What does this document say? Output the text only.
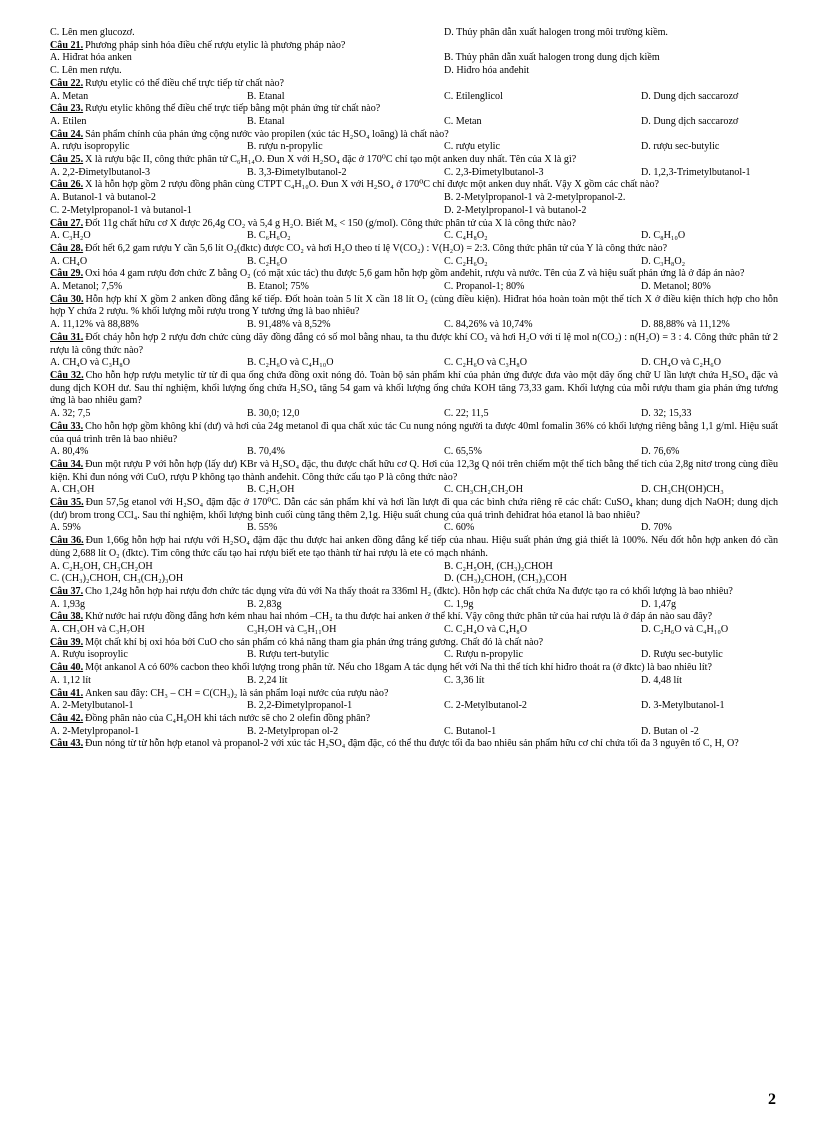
C. Lên men glucozơ.	D. Thủy phân dẫn xuất halogen trong môi trường kiềm.

Câu 21. Phương pháp sinh hóa điều chế rượu etylic là phương pháp nào?

A. Hiđrat hóa anken	B. Thủy phân dẫn xuất halogen trong dung dịch kiềm
C. Lên men rượu.	D. Hiđro hóa anđehit

Câu 22. Rượu etylic có thể điều chế trực tiếp từ chất nào?

A. Metan	B. Etanal	C. Etilenglicol	D. Dung dịch saccarozơ

Câu 23. Rượu etylic không thể điều chế trực tiếp bằng một phản ứng từ chất nào?

A. Etilen	B. Etanal	C. Metan	D. Dung dịch saccarozơ

Câu 24. Sản phẩm chính của phản ứng cộng nước vào propilen (xúc tác H₂SO₄ loãng) là chất nào?

A. rượu isopropylic	B. rượu n-propylic	C. rượu etylic	D. rượu sec-butylic

Câu 25. X là rượu bậc II, công thức phân tử C₆H₁₄O. Đun X với H₂SO₄ đặc ở 170⁰C chỉ tạo một anken duy nhất. Tên của X là gì?

A. 2,2-Đimetylbutanol-3	B. 3,3-Đimetylbutanol-2	C. 2,3-Đimetylbutanol-3	D. 1,2,3-Trimetylbutanol-1

Câu 26. X là hỗn hợp gồm 2 rượu đồng phân cùng CTPT C₄H₁₀O. Đun X với H₂SO₄ ở 170⁰C chỉ được một anken duy nhất. Vậy X gồm các chất nào?

A. Butanol-1 và butanol-2	B. 2-Metylpropanol-1 và 2-metylpropanol-2.
C. 2-Metylpropanol-1 và butanol-1	D. 2-Metylpropanol-1 và butanol-2

Câu 27. Đốt 11g chất hữu cơ X được 26,4g CO₂ và 5,4 g H₂O. Biết Mₓ < 150 (g/mol). Công thức phân tử của X là công thức nào?

A. C₃H₂O	B. C₆H₆O₂	C. C₄H₈O₂	D. C₈H₁₀O

Câu 28. Đốt hết 6,2 gam rượu Y cần 5,6 lít O₂(đktc) được CO₂ và hơi H₂O theo tỉ lệ V(CO₂) : V(H₂O) = 2:3. Công thức phân tử của Y là công thức nào?

A. CH₄O	B. C₂H₆O	C. C₂H₆O₂	D. C₃H₈O₂

Câu 29. Oxi hóa 4 gam rượu đơn chức Z bằng O₂ (có mặt xúc tác) thu được 5,6 gam hỗn hợp gồm anđehit, rượu và nước. Tên của Z và hiệu suất phản ứng là ở đáp án nào?

A. Metanol; 7,5%	B. Etanol; 75%	C. Propanol-1; 80%	D. Metanol; 80%

Câu 30. Hỗn hợp khí X gồm 2 anken đồng đẳng kế tiếp. Đốt hoàn toàn 5 lít X cần 18 lít O₂ (cùng điều kiện). Hiđrat hóa hoàn toàn một thể tích X ở điều kiện thích hợp cho hỗn hợp Y chứa 2 rượu. % khối lượng mỗi rượu trong Y tương ứng là bao nhiêu?

A. 11,12% và 88,88%	B. 91,48% và 8,52%	C. 84,26% và 10,74%	D. 88,88% và 11,12%

Câu 31. Đốt cháy hỗn hợp 2 rượu đơn chức cùng dãy đồng đẳng có số mol bằng nhau, ta thu được khí CO₂ và hơi H₂O với tỉ lệ mol n(CO₂) : n(H₂O) = 3 : 4. Công thức phân tử 2 rượu là công thức nào?

A. CH₄O và C₃H₈O	B. C₂H₆O và C₄H₁₀O	C. C₂H₆O và C₃H₈O	D. CH₄O và C₂H₆O

Câu 32. Cho hỗn hợp rượu metylic từ từ đi qua ống chứa đồng oxit nóng đỏ. Toàn bộ sản phẩm khí của phản ứng được đưa vào một dãy ống chữ U lần lượt chứa H₂SO₄ đặc và dung dịch KOH dư. Sau thí nghiệm, khối lượng ống chứa H₂SO₄ tăng 54 gam và khối lượng ống chứa KOH tăng 73,33 gam. Khối lượng của mỗi rượu tham gia phản ứng tương ứng là bao nhiêu gam?

A. 32; 7,5	B. 30,0; 12,0	C. 22; 11,5	D. 32; 15,33

Câu 33. Cho hỗn hợp gồm không khí (dư) và hơi của 24g metanol đi qua chất xúc tác Cu nung nóng người ta được 40ml fomalin 36% có khối lượng riêng bằng 1,1 g/ml. Hiệu suất của quá trình trên là bao nhiêu?

A. 80,4%	B. 70,4%	C. 65,5%	D. 76,6%

Câu 34. Đun một rượu P với hỗn hợp (lấy dư) KBr và H₂SO₄ đặc, thu được chất hữu cơ Q. Hơi của 12,3g Q nói trên chiếm một thể tích bằng thể tích của 2,8g nitơ trong cùng điều kiện. Khi đun nóng với CuO, rượu P không tạo thành anđehit. Công thức cấu tạo P là công thức nào?

A. CH₃OH	B. C₂H₅OH	C. CH₃CH₂CH₂OH	D. CH₃CH(OH)CH₃

Câu 35. Đun 57,5g etanol với H₂SO₄ đậm đặc ở 170⁰C. Dẫn các sản phẩm khí và hơi lần lượt đi qua các bình chứa riêng rẽ các chất: CuSO₄ khan; dung dịch NaOH; dung dịch (dư) brom trong CCl₄. Sau thí nghiệm, khối lượng bình cuối cùng tăng thêm 2,1g. Hiệu suất chung của quá trình đehiđrat hóa etanol là bao nhiêu?

A. 59%	B. 55%	C. 60%	D. 70%

Câu 36. Đun 1,66g hỗn hợp hai rượu với H₂SO₄ đậm đặc thu được hai anken đồng đẳng kế tiếp của nhau. Hiệu suất phản ứng giả thiết là 100%. Nếu đốt hỗn hợp anken đó cần dùng 2,688 lít O₂ (đktc). Tìm công thức cấu tạo hai rượu biết ete tạo thành từ hai rượu là ete có mạch nhánh.

A. C₂H₅OH, CH₃CH₂OH	B. C₂H₅OH, (CH₃)₂CHOH
C. (CH₃)₂CHOH, CH₃(CH₂)₃OH	D. (CH₃)₂CHOH, (CH₃)₃COH

Câu 37. Cho 1,24g hỗn hợp hai rượu đơn chức tác dụng vừa đủ với Na thấy thoát ra 336ml H₂ (đktc). Hỗn hợp các chất chứa Na được tạo ra có khối lượng là bao nhiêu?

A. 1,93g	B. 2,83g	C. 1,9g	D. 1,47g

Câu 38. Khử nước hai rượu đồng đẳng hơn kém nhau hai nhóm –CH₂ ta thu được hai anken ở thể khí. Vậy công thức phân tử của hai rượu là ở đáp án nào sau đây?

A. CH₃OH và C₃H₇OH	C₃H₇OH và C₅H₁₁OH	C. C₂H₄O và C₄H₈O	D. C₂H₆O và C₄H₁₀O

Câu 39. Một chất khí bị oxi hóa bởi CuO cho sản phẩm có khả năng tham gia phản ứng tráng gương. Chất đó là chất nào?

A. Rượu isoproylic	B. Rượu tert-butylic	C. Rượu n-propylic	D. Rượu sec-butylic

Câu 40. Một ankanol A có 60% cacbon theo khối lượng trong phân tử. Nếu cho 18gam A tác dụng hết với Na thì thể tích khí hiđro thoát ra (ở đktc) là bao nhiêu lít?

A. 1,12 lít	B. 2,24 lít	C. 3,36 lít	D. 4,48 lít

Câu 41. Anken sau đây: CH₃ – CH = C(CH₃)₂ là sản phẩm loại nước của rượu nào?

A. 2-Metylbutanol-1	B. 2,2-Đimetylpropanol-1	C. 2-Metylbutanol-2	D. 3-Metylbutanol-1

Câu 42. Đồng phân nào của C₄H₉OH khi tách nước sẽ cho 2 olefin đồng phân?

A. 2-Metylpropanol-1	B. 2-Metylpropan ol-2	C. Butanol-1	D. Butan ol -2

Câu 43. Đun nóng từ từ hỗn hợp etanol và propanol-2 với xúc tác H₂SO₄ đậm đặc, có thể thu được tối đa bao nhiêu sản phẩm hữu cơ chỉ chứa tối đa 3 nguyên tố C, H, O?

2
